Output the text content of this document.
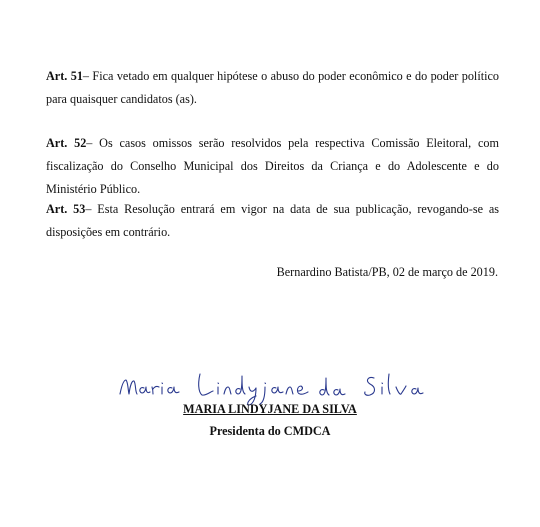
Art. 51– Fica vetado em qualquer hipótese o abuso do poder econômico e do poder político para quaisquer candidatos (as).

Art. 52– Os casos omissos serão resolvidos pela respectiva Comissão Eleitoral, com fiscalização do Conselho Municipal dos Direitos da Criança e do Adolescente e do Ministério Público.

Art. 53– Esta Resolução entrará em vigor na data de sua publicação, revogando-se as disposições em contrário.

Bernardino Batista/PB, 02 de março de 2019.
MARIA LINDYJANE DA SILVA
Presidenta do CMDCA
